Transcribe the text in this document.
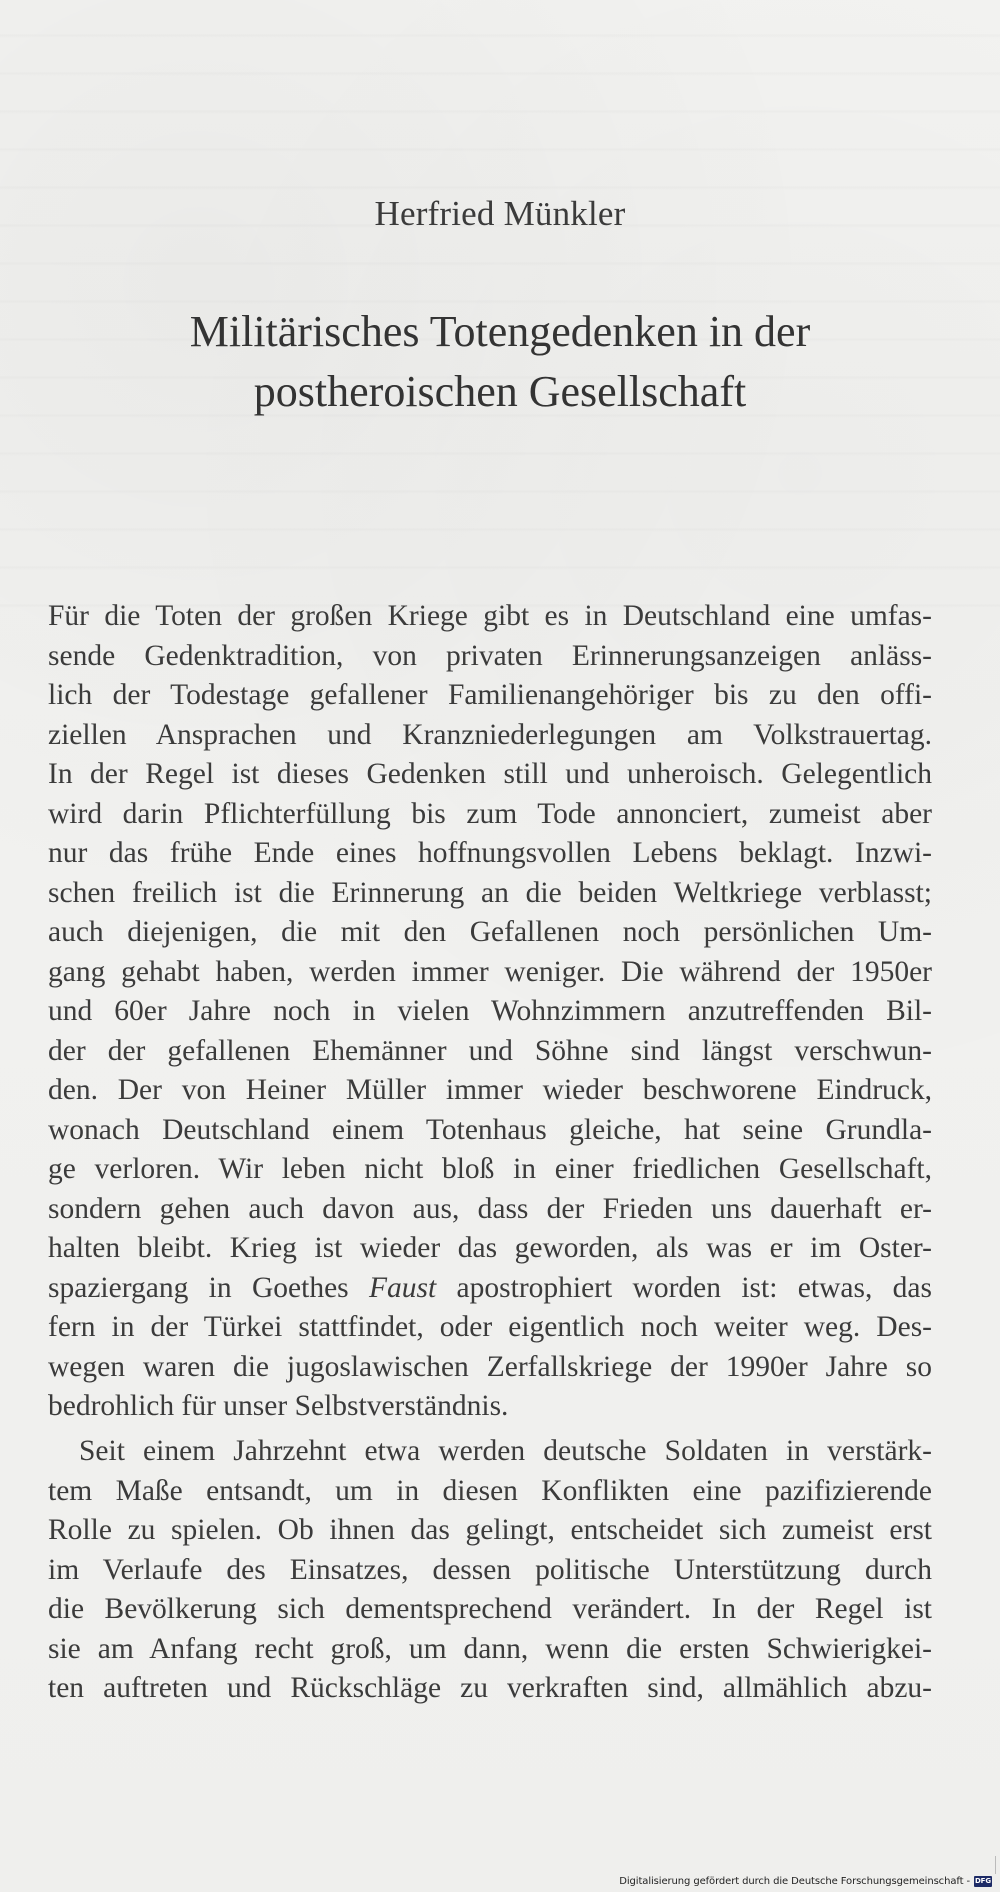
Herfried Münkler
Militärisches Totengedenken in der
postheroischen Gesellschaft
Für die Toten der großen Kriege gibt es in Deutschland eine umfas-
sende Gedenktradition, von privaten Erinnerungsanzeigen anläss-
lich der Todestage gefallener Familienangehöriger bis zu den offi-
ziellen Ansprachen und Kranzniederlegungen am Volkstrauertag.
In der Regel ist dieses Gedenken still und unheroisch. Gelegentlich
wird darin Pflichterfüllung bis zum Tode annonciert, zumeist aber
nur das frühe Ende eines hoffnungsvollen Lebens beklagt. Inzwi-
schen freilich ist die Erinnerung an die beiden Weltkriege verblasst;
auch diejenigen, die mit den Gefallenen noch persönlichen Um-
gang gehabt haben, werden immer weniger. Die während der 1950er
und 60er Jahre noch in vielen Wohnzimmern anzutreffenden Bil-
der der gefallenen Ehemänner und Söhne sind längst verschwun-
den. Der von Heiner Müller immer wieder beschworene Eindruck,
wonach Deutschland einem Totenhaus gleiche, hat seine Grundla-
ge verloren. Wir leben nicht bloß in einer friedlichen Gesellschaft,
sondern gehen auch davon aus, dass der Frieden uns dauerhaft er-
halten bleibt. Krieg ist wieder das geworden, als was er im Oster-
spaziergang in Goethes Faust apostrophiert worden ist: etwas, das
fern in der Türkei stattfindet, oder eigentlich noch weiter weg. Des-
wegen waren die jugoslawischen Zerfallskriege der 1990er Jahre so
bedrohlich für unser Selbstverständnis.
Seit einem Jahrzehnt etwa werden deutsche Soldaten in verstärk-
tem Maße entsandt, um in diesen Konflikten eine pazifizierende
Rolle zu spielen. Ob ihnen das gelingt, entscheidet sich zumeist erst
im Verlaufe des Einsatzes, dessen politische Unterstützung durch
die Bevölkerung sich dementsprechend verändert. In der Regel ist
sie am Anfang recht groß, um dann, wenn die ersten Schwierigkei-
ten auftreten und Rückschläge zu verkraften sind, allmählich abzu-
Digitalisierung gefördert durch die Deutsche Forschungsgemeinschaft - DFG
